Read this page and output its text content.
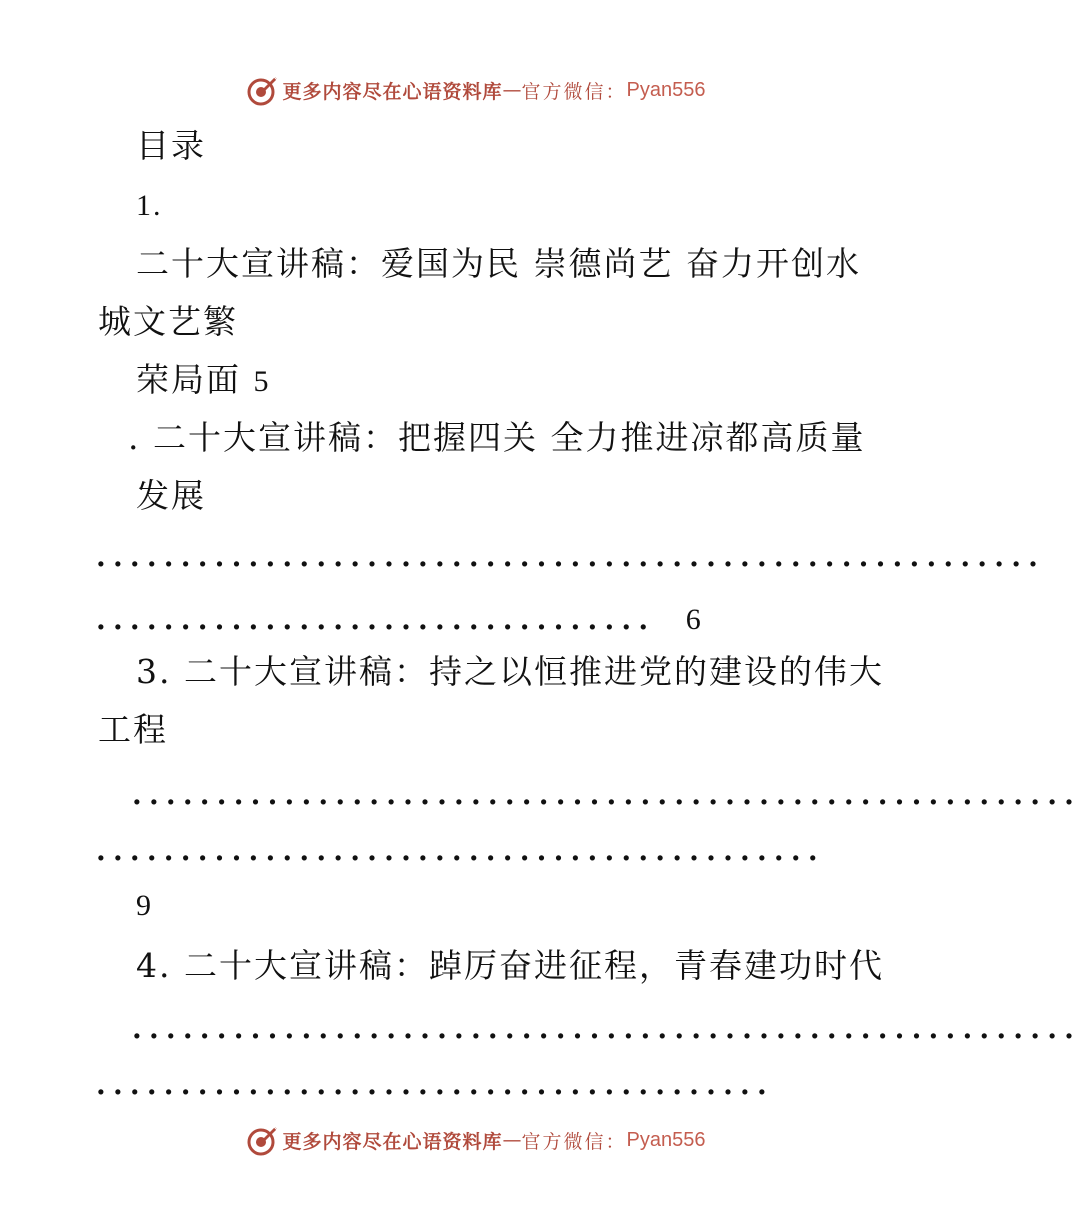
更多内容尽在心语资料库 — 官方微信： Pyan556
目录
1.
二十大宣讲稿：爱国为民 崇德尚艺 奋力开创水
城文艺繁
荣局面 5
. 二十大宣讲稿：把握四关 全力推进凉都高质量
发展
........................................................
................................. 6
3. 二十大宣讲稿：持之以恒推进党的建设的伟大
工程
........................................................
...........................................
9
4. 二十大宣讲稿：踔厉奋进征程，青春建功时代
........................................................
........................................
更多内容尽在心语资料库 — 官方微信： Pyan556
